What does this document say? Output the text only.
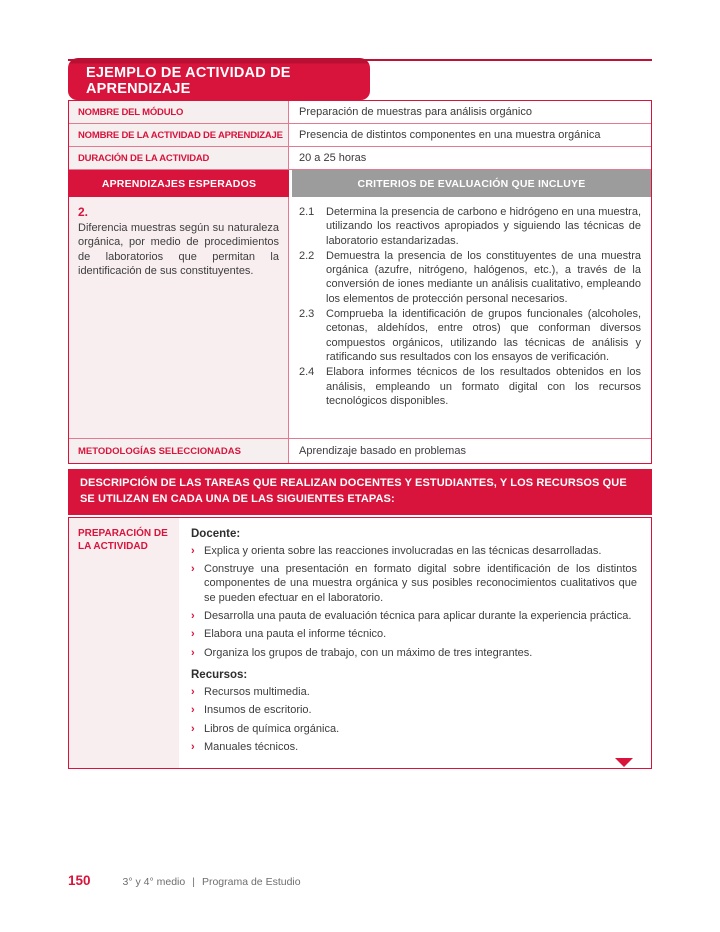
EJEMPLO DE ACTIVIDAD DE APRENDIZAJE
NOMBRE DEL MÓDULO	Preparación de muestras para análisis orgánico
NOMBRE DE LA ACTIVIDAD DE APRENDIZAJE	Presencia de distintos componentes en una muestra orgánica
DURACIÓN DE LA ACTIVIDAD	20 a 25 horas
APRENDIZAJES ESPERADOS	CRITERIOS DE EVALUACIÓN QUE INCLUYE
2.
Diferencia muestras según su naturaleza orgánica, por medio de procedimientos de laboratorios que permitan la identificación de sus constituyentes.
2.1 Determina la presencia de carbono e hidrógeno en una muestra, utilizando los reactivos apropiados y siguiendo las técnicas de laboratorio estandarizadas.
2.2 Demuestra la presencia de los constituyentes de una muestra orgánica (azufre, nitrógeno, halógenos, etc.), a través de la conversión de iones mediante un análisis cualitativo, empleando los elementos de protección personal necesarios.
2.3 Comprueba la identificación de grupos funcionales (alcoholes, cetonas, aldehídos, entre otros) que conforman diversos compuestos orgánicos, utilizando las técnicas de análisis y ratificando sus resultados con los ensayos de verificación.
2.4 Elabora informes técnicos de los resultados obtenidos en los análisis, empleando un formato digital con los recursos tecnológicos disponibles.
METODOLOGÍAS SELECCIONADAS	Aprendizaje basado en problemas
DESCRIPCIÓN DE LAS TAREAS QUE REALIZAN DOCENTES Y ESTUDIANTES, Y LOS RECURSOS QUE SE UTILIZAN EN CADA UNA DE LAS SIGUIENTES ETAPAS:
PREPARACIÓN DE LA ACTIVIDAD
Docente:
› Explica y orienta sobre las reacciones involucradas en las técnicas desarrolladas.
› Construye una presentación en formato digital sobre identificación de los distintos componentes de una muestra orgánica y sus posibles reconocimientos cualitativos que se pueden efectuar en el laboratorio.
› Desarrolla una pauta de evaluación técnica para aplicar durante la experiencia práctica.
› Elabora una pauta el informe técnico.
› Organiza los grupos de trabajo, con un máximo de tres integrantes.
Recursos:
› Recursos multimedia.
› Insumos de escritorio.
› Libros de química orgánica.
› Manuales técnicos.
150	3° y 4° medio | Programa de Estudio
